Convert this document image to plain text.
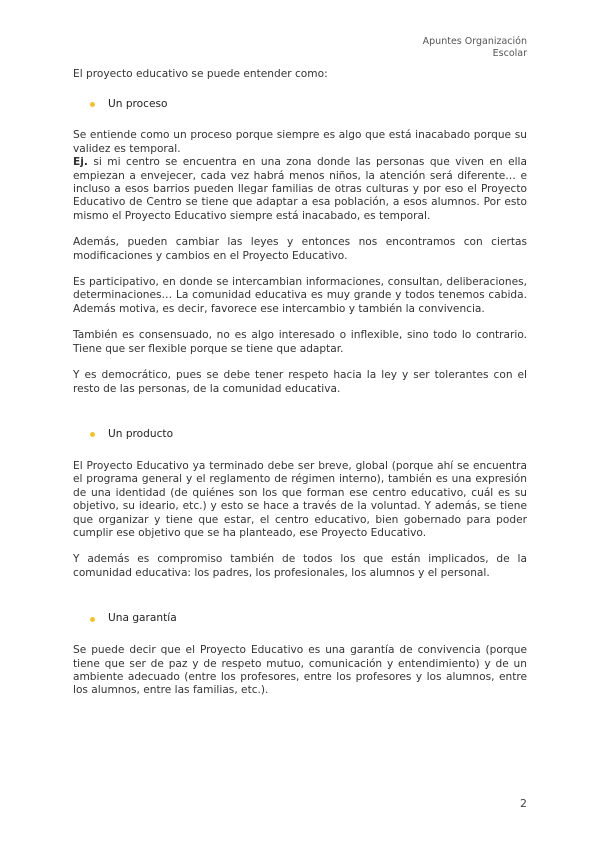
Apuntes Organización
Escolar

El proyecto educativo se puede entender como:

Un proceso

Se entiende como un proceso porque siempre es algo que está inacabado porque su validez es temporal.

Ej. si mi centro se encuentra en una zona donde las personas que viven en ella empiezan a envejecer, cada vez habrá menos niños, la atención será diferente… e incluso a esos barrios pueden llegar familias de otras culturas y por eso el Proyecto Educativo de Centro se tiene que adaptar a esa población, a esos alumnos. Por esto mismo el Proyecto Educativo siempre está inacabado, es temporal.

Además, pueden cambiar las leyes y entonces nos encontramos con ciertas modificaciones y cambios en el Proyecto Educativo.

Es participativo, en donde se intercambian informaciones, consultan, deliberaciones, determinaciones… La comunidad educativa es muy grande y todos tenemos cabida. Además motiva, es decir, favorece ese intercambio y también la convivencia.

También es consensuado, no es algo interesado o inflexible, sino todo lo contrario. Tiene que ser flexible porque se tiene que adaptar.

Y es democrático, pues se debe tener respeto hacia la ley y ser tolerantes con el resto de las personas, de la comunidad educativa.

Un producto

El Proyecto Educativo ya terminado debe ser breve, global (porque ahí se encuentra el programa general y el reglamento de régimen interno), también es una expresión de una identidad (de quiénes son los que forman ese centro educativo, cuál es su objetivo, su ideario, etc.) y esto se hace a través de la voluntad. Y además, se tiene que organizar y tiene que estar, el centro educativo, bien gobernado para poder cumplir ese objetivo que se ha planteado, ese Proyecto Educativo.

Y además es compromiso también de todos los que están implicados, de la comunidad educativa: los padres, los profesionales, los alumnos y el personal.

Una garantía

Se puede decir que el Proyecto Educativo es una garantía de convivencia (porque tiene que ser de paz y de respeto mutuo, comunicación y entendimiento) y de un ambiente adecuado (entre los profesores, entre los profesores y los alumnos, entre los alumnos, entre las familias, etc.).

2
